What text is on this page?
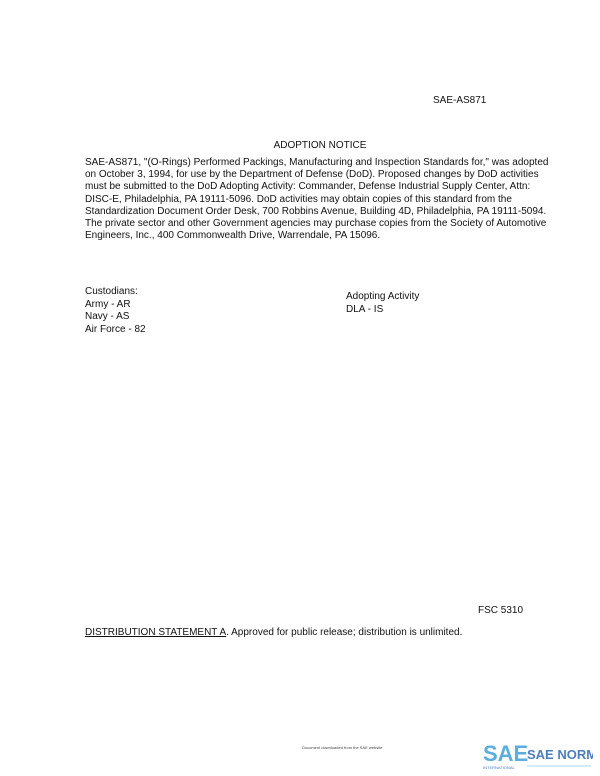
SAE-AS871
ADOPTION NOTICE
SAE-AS871, "(O-Rings) Performed Packings, Manufacturing and Inspection Standards for," was adopted on October 3, 1994, for use by the Department of Defense (DoD). Proposed changes by DoD activities must be submitted to the DoD Adopting Activity: Commander, Defense Industrial Supply Center, Attn: DISC-E, Philadelphia, PA 19111-5096. DoD activities may obtain copies of this standard from the Standardization Document Order Desk, 700 Robbins Avenue, Building 4D, Philadelphia, PA 19111-5094. The private sector and other Government agencies may purchase copies from the Society of Automotive Engineers, Inc., 400 Commonwealth Drive, Warrendale, PA 15096.
Custodians:
Army - AR
Navy - AS
Air Force - 82
Adopting Activity
DLA - IS
FSC 5310
DISTRIBUTION STATEMENT A. Approved for public release; distribution is unlimited.
Document downloaded from the SAE website	SAE
SAE NORM
INTERNATIONAL
